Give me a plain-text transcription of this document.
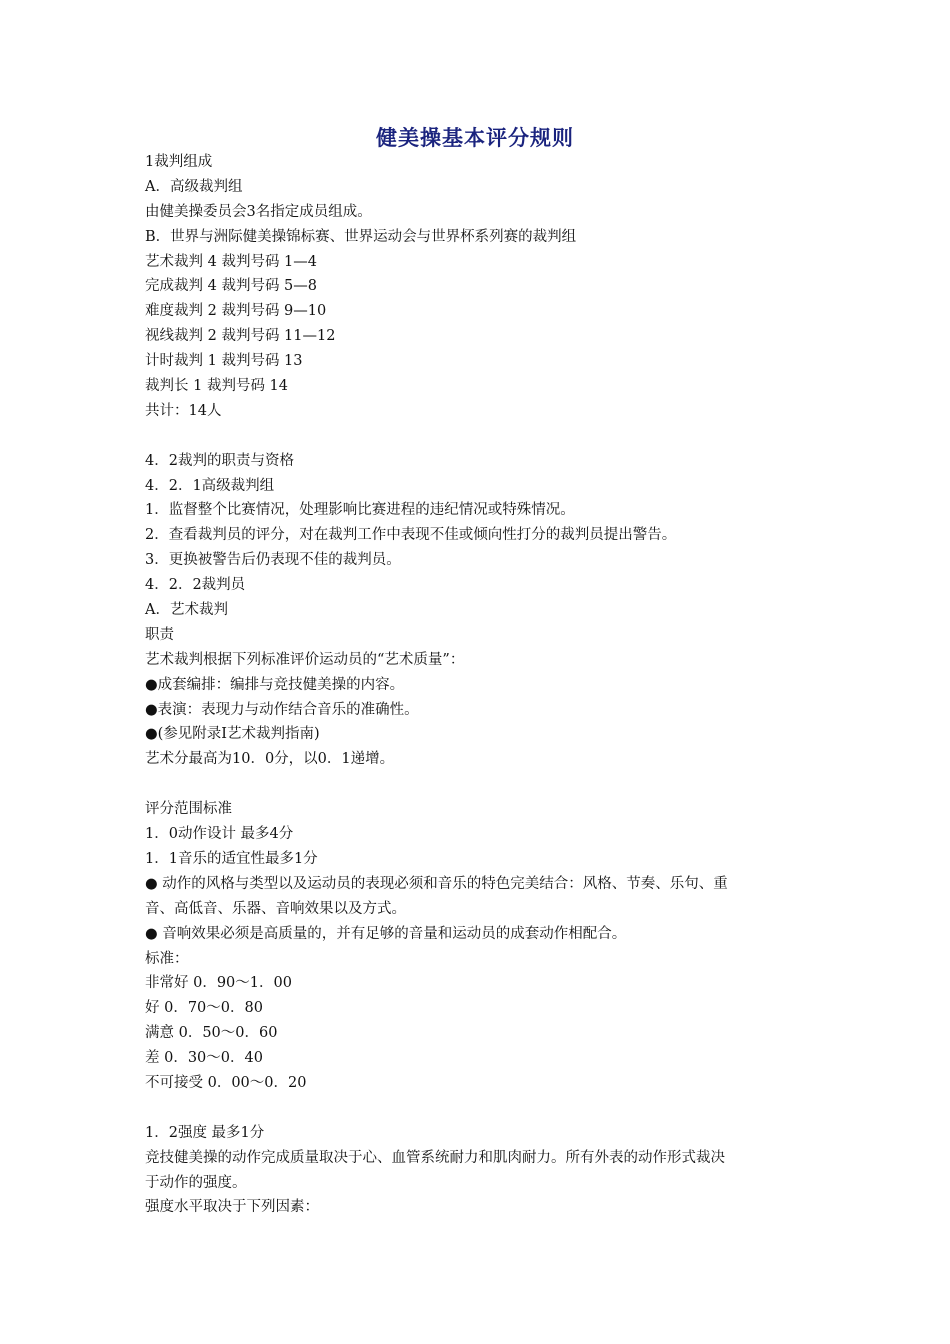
健美操基本评分规则
1裁判组成
A．高级裁判组
由健美操委员会3名指定成员组成。
B．世界与洲际健美操锦标赛、世界运动会与世界杯系列赛的裁判组
艺术裁判 4 裁判号码 1—4
完成裁判 4 裁判号码 5—8
难度裁判 2 裁判号码 9—10
视线裁判 2 裁判号码 11—12
计时裁判 1 裁判号码 13
裁判长 1 裁判号码 14
共计：14人
4．2裁判的职责与资格
4．2．1高级裁判组
1．监督整个比赛情况，处理影响比赛进程的违纪情况或特殊情况。
2．查看裁判员的评分，对在裁判工作中表现不佳或倾向性打分的裁判员提出警告。
3．更换被警告后仍表现不佳的裁判员。
4．2．2裁判员
A．艺术裁判
职责
艺术裁判根据下列标准评价运动员的“艺术质量”：
●成套编排：编排与竞技健美操的内容。
●表演：表现力与动作结合音乐的准确性。
●(参见附录I艺术裁判指南)
艺术分最高为10．0分，以0．1递增。
评分范围标准
1．0动作设计 最多4分
1．1音乐的适宜性最多1分
● 动作的风格与类型以及运动员的表现必须和音乐的特色完美结合：风格、节奏、乐句、重
音、高低音、乐器、音响效果以及方式。
● 音响效果必须是高质量的，并有足够的音量和运动员的成套动作相配合。
标准：
非常好 0．90～1．00
好 0．70～0．80
满意 0．50～0．60
差 0．30～0．40
不可接受 0．00～0．20
1．2强度 最多1分
竞技健美操的动作完成质量取决于心、血管系统耐力和肌肉耐力。所有外表的动作形式裁决
于动作的强度。
强度水平取决于下列因素：
